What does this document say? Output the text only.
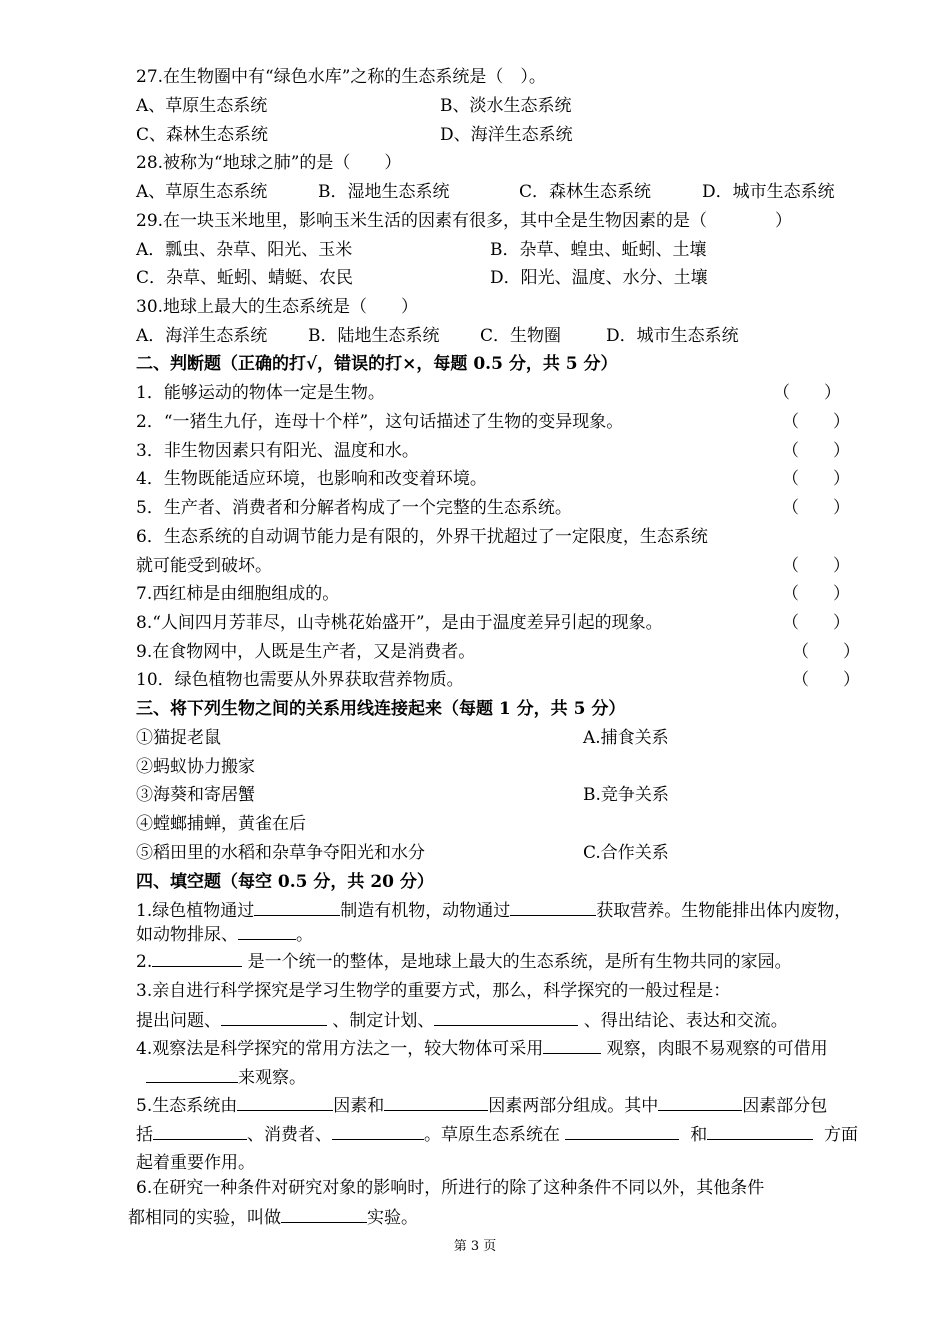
27.在生物圈中有“绿色水库”之称的生态系统是（　）。
A、草原生态系统	B、淡水生态系统
C、森林生态系统	D、海洋生态系统
28.被称为“地球之肺”的是（　　）
A、草原生态系统	B．湿地生态系统	C．森林生态系统	D．城市生态系统
29.在一块玉米地里，影响玉米生活的因素有很多，其中全是生物因素的是（　　　　）
A．瓢虫、杂草、阳光、玉米	B．杂草、蝗虫、蚯蚓、土壤
C．杂草、蚯蚓、蜻蜓、农民	D．阳光、温度、水分、土壤
30.地球上最大的生态系统是（　　）
A．海洋生态系统 B．陆地生态系统 C．生物圈	D．城市生态系统
二、判断题（正确的打√，错误的打×，每题 0.5 分，共 5 分）
1．能够运动的物体一定是生物。	（　　）
2．“一猪生九仔，连母十个样”，这句话描述了生物的变异现象。	（　　）
3．非生物因素只有阳光、温度和水。	（　　）
4．生物既能适应环境，也影响和改变着环境。	（　　）
5．生产者、消费者和分解者构成了一个完整的生态系统。	（　　）
6．生态系统的自动调节能力是有限的，外界干扰超过了一定限度，生态系统
就可能受到破坏。	（　　）
7.西红柿是由细胞组成的。	（　　）
8.“人间四月芳菲尽，山寺桃花始盛开”，是由于温度差异引起的现象。	（　　）
9.在食物网中，人既是生产者，又是消费者。	（　　）
10．绿色植物也需要从外界获取营养物质。	（　　）
三、将下列生物之间的关系用线连接起来（每题 1 分，共 5 分）
①猫捉老鼠	A.捕食关系
②蚂蚁协力搬家
③海葵和寄居蟹	B.竞争关系
④螳螂捕蝉，黄雀在后
⑤稻田里的水稻和杂草争夺阳光和水分	C.合作关系
四、填空题（每空 0.5 分，共 20 分）
1.绿色植物通过	制造有机物，动物通过	获取营养。生物能排出体内废物，
如动物排尿、	。
2.	是一个统一的整体，是地球上最大的生态系统，是所有生物共同的家园。
3.亲自进行科学探究是学习生物学的重要方式，那么，科学探究的一般过程是：
提出问题、	、制定计划、	、得出结论、表达和交流。
4.观察法是科学探究的常用方法之一，较大物体可采用	观察，肉眼不易观察的可借用
来观察。
5.生态系统由	因素和	因素两部分组成。其中	因素部分包
括	、消费者、	。草原生态系统在	和	方面
起着重要作用。
6.在研究一种条件对研究对象的影响时，所进行的除了这种条件不同以外，其他条件
都相同的实验，叫做	实验。
第 3 页
